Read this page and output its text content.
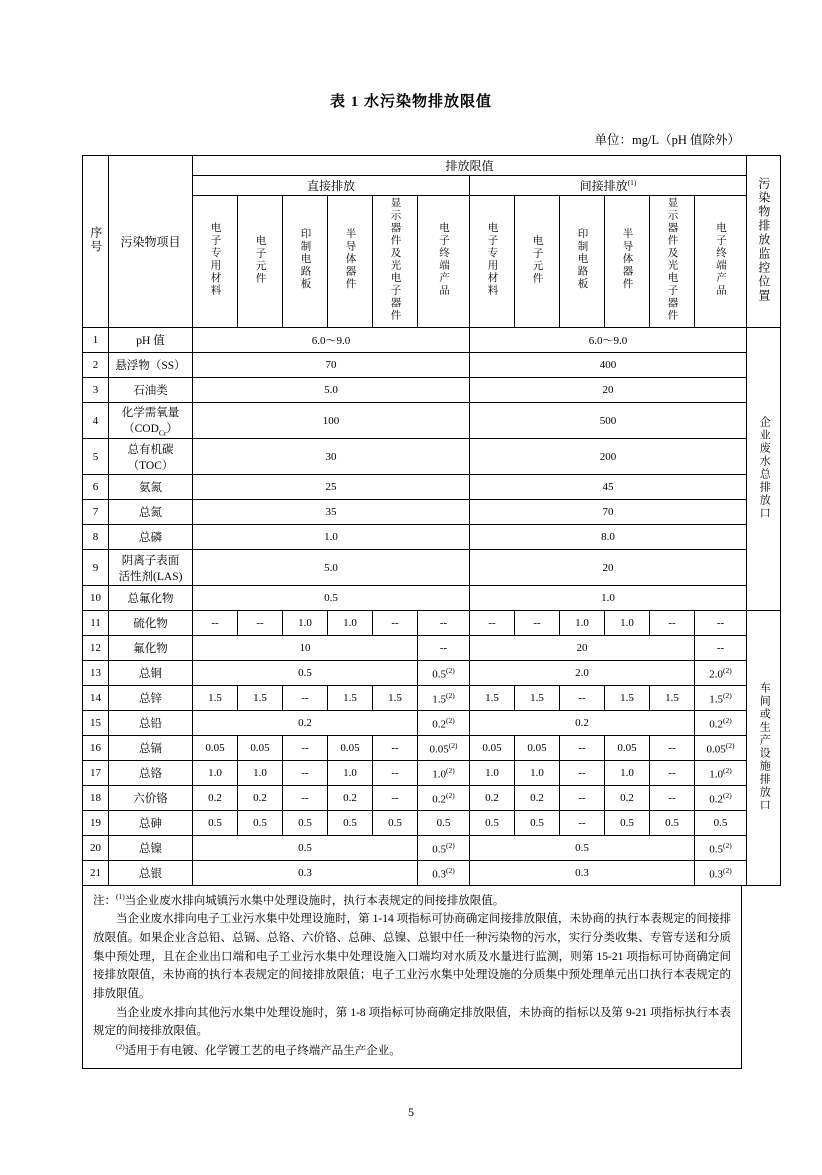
表 1 水污染物排放限值
单位：mg/L（pH 值除外）
序号	污染物项目	排放限值												污染物排放监控位置
		直接排放						间接排放$^{(1)}$
		电子专用材料	电子元件	印制电路板	半导体器件	显示器件及光电子器件	电子终端产品	电子专用材料	电子元件	印制电路板	半导体器件	显示器件及光电子器件	电子终端产品	
1	pH 值	6.0～9.0						6.0～9.0						企业废水总排放口
2	悬浮物（SS）	70						400						
3	石油类	5.0						20						
4	化学需氧量
$(COD_{Cr})$	100						500						
5	总有机碳
（TOC）	30						200						
6	氨氮	25						45						
7	总氮	35						70						
8	总磷	1.0						8.0						
9	阴离子表面
活性剂(LAS)	5.0						20						
10	总氟化物	0.5						1.0						
11	硫化物	--	--	1.0	1.0	--	--	--	--	1.0	1.0	--	--	车间或生产设施排放口
12	氟化物	10					--	20					--	
13	总铜	0.5					0.5$^{(2)}$	2.0					2.0$^{(2)}$
14	总锌	1.5	1.5	--	1.5	1.5	1.5$^{(2)}$	1.5	1.5	--	1.5	1.5	1.5$^{(2)}$
15	总铅	0.2					0.2$^{(2)}$	0.2					0.2$^{(2)}$
16	总镉	0.05	0.05	--	0.05	--	0.05$^{(2)}$	0.05	0.05	--	0.05	--	0.05$^{(2)}$
17	总铬	1.0	1.0	--	1.0	--	1.0$^{(2)}$	1.0	1.0	--	1.0	--	1.0$^{(2)}$
18	六价铬	0.2	0.2	--	0.2	--	0.2$^{(2)}$	0.2	0.2	--	0.2	--	0.2$^{(2)}$
19	总砷	0.5	0.5	0.5	0.5	0.5	0.5	0.5	0.5	--	0.5	0.5	0.5	
20	总镍	0.5					0.5$^{(2)}$	0.5					0.5$^{(2)}$
21	总银	0.3					0.3$^{(2)}$	0.3					0.3$^{(2)}$

注：$^{(1)}$当企业废水排向城镇污水集中处理设施时，执行本表规定的间接排放限值。

当企业废水排向电子工业污水集中处理设施时，第 1-14 项指标可协商确定间接排放限值，未协商的执行本表规定的间接排放限值。如果企业含总铅、总镉、总铬、六价铬、总砷、总镍、总银中任一种污染物的污水，实行分类收集、专管专送和分质集中预处理，且在企业出口端和电子工业污水集中处理设施入口端均对水质及水量进行监测，则第 15-21 项指标可协商确定间接排放限值，未协商的执行本表规定的间接排放限值；电子工业污水集中处理设施的分质集中预处理单元出口执行本表规定的排放限值。

当企业废水排向其他污水集中处理设施时，第 1-8 项指标可协商确定排放限值，未协商的指标以及第 9-21 项指标执行本表规定的间接排放限值。

$^{(2)}$适用于有电镀、化学镀工艺的电子终端产品生产企业。

5
